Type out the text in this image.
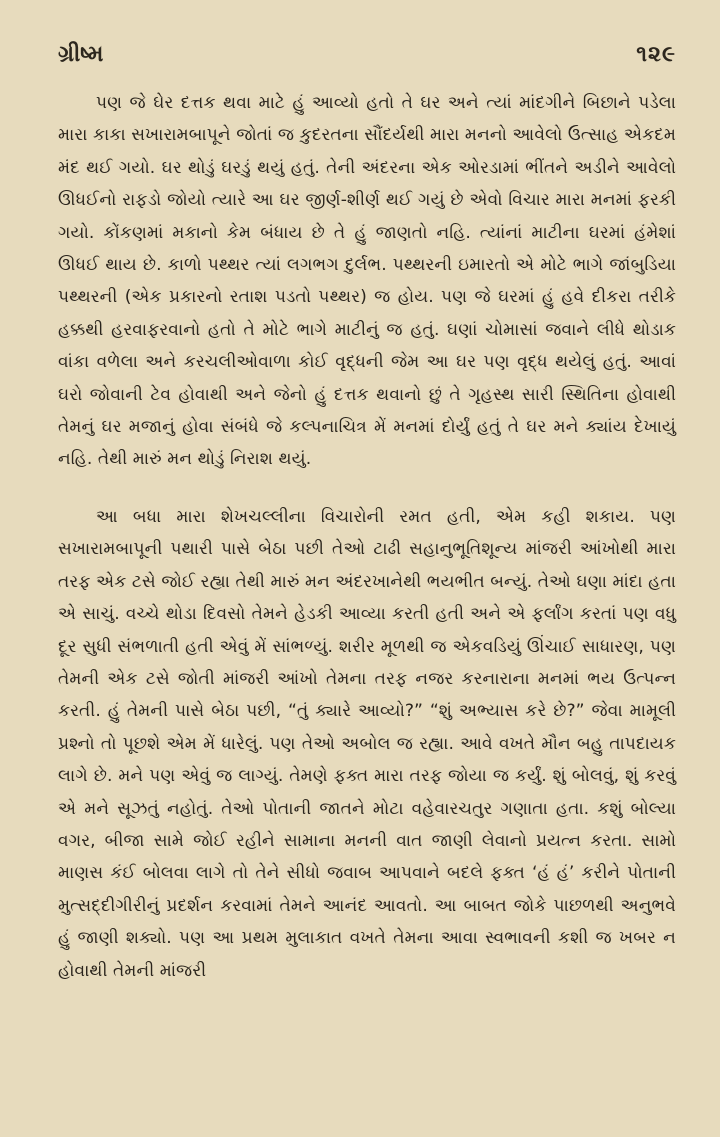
ગ્રીષ્મ	૧૨૯

પણ જે ઘેર દત્તક થવા માટે હું આવ્યો હતો તે ઘર અને ત્યાં માંદગીને બિછાને પડેલા મારા કાકા સખારામબાપૂને જોતાં જ કુદરતના સૌંદર્યથી મારા મનનો આવેલો ઉત્સાહ એકદમ મંદ થઈ ગયો. ઘર થોડું ઘરડું થયું હતું. તેની અંદરના એક ઓરડામાં ભીંતને અડીને આવેલો ઊધઈનો રાફડો જોયો ત્યારે આ ઘર જીર્ણ-શીર્ણ થઈ ગયું છે એવો વિચાર મારા મનમાં ફરકી ગયો. કોંકણમાં મકાનો કેમ બંધાય છે તે હું જાણતો નહિ. ત્યાંનાં માટીના ઘરમાં હંમેશાં ઊધઈ થાય છે. કાળો પથ્થર ત્યાં લગભગ દુર્લભ. પથ્થરની ઇમારતો એ મોટે ભાગે જાંબુડિયા પથ્થરની (એક પ્રકારનો રતાશ પડતો પથ્થર) જ હોય. પણ જે ઘરમાં હું હવે દીકરા તરીકે હક્કથી હરવાફરવાનો હતો તે મોટે ભાગે માટીનું જ હતું. ઘણાં ચોમાસાં જવાને લીધે થોડાક વાંકા વળેલા અને કરચલીઓવાળા કોઈ વૃદ્ધની જેમ આ ઘર પણ વૃદ્ધ થયેલું હતું. આવાં ઘરો જોવાની ટેવ હોવાથી અને જેનો હું દત્તક થવાનો છું તે ગૃહસ્થ સારી સ્થિતિના હોવાથી તેમનું ઘર મજાનું હોવા સંબંધે જે કલ્પનાચિત્ર મેં મનમાં દોર્યું હતું તે ઘર મને ક્યાંય દેખાયું નહિ. તેથી મારું મન થોડું નિરાશ થયું.

આ બધા મારા શેખચલ્લીના વિચારોની રમત હતી, એમ કહી શકાય. પણ સખારામબાપૂની પથારી પાસે બેઠા પછી તેઓ ટાઢી સહાનુભૂતિશૂન્ય માંજરી આંખોથી મારા તરફ એક ટસે જોઈ રહ્યા તેથી મારું મન અંદરખાનેથી ભયભીત બન્યું. તેઓ ઘણા માંદા હતા એ સાચું. વચ્ચે થોડા દિવસો તેમને હેડકી આવ્યા કરતી હતી અને એ ફર્લાંગ કરતાં પણ વધુ દૂર સુધી સંભળાતી હતી એવું મેં સાંભળ્યું. શરીર મૂળથી જ એકવડિયું ઊંચાઈ સાધારણ, પણ તેમની એક ટસે જોતી માંજરી આંખો તેમના તરફ નજર કરનારાના મનમાં ભય ઉત્પન્ન કરતી. હું તેમની પાસે બેઠા પછી, “તું ક્યારે આવ્યો?” “શું અભ્યાસ કરે છે?” જેવા મામૂલી પ્રશ્નો તો પૂછશે એમ મેં ધારેલું. પણ તેઓ અબોલ જ રહ્યા. આવે વખતે મૌન બહુ તાપદાયક લાગે છે. મને પણ એવું જ લાગ્યું. તેમણે ફક્ત મારા તરફ જોયા જ કર્યું. શું બોલવું, શું કરવું એ મને સૂઝતું નહોતું. તેઓ પોતાની જાતને મોટા વહેવારચતુર ગણાતા હતા. કશું બોલ્યા વગર, બીજા સામે જોઈ રહીને સામાના મનની વાત જાણી લેવાનો પ્રયત્ન કરતા. સામો માણસ કંઈ બોલવા લાગે તો તેને સીધો જવાબ આપવાને બદલે ફક્ત ‘હં હં’ કરીને પોતાની મુત્સદ્દીગીરીનું પ્રદર્શન કરવામાં તેમને આનંદ આવતો. આ બાબત જોકે પાછળથી અનુભવે હું જાણી શક્યો. પણ આ પ્રથમ મુલાકાત વખતે તેમના આવા સ્વભાવની કશી જ ખબર ન હોવાથી તેમની માંજરી
